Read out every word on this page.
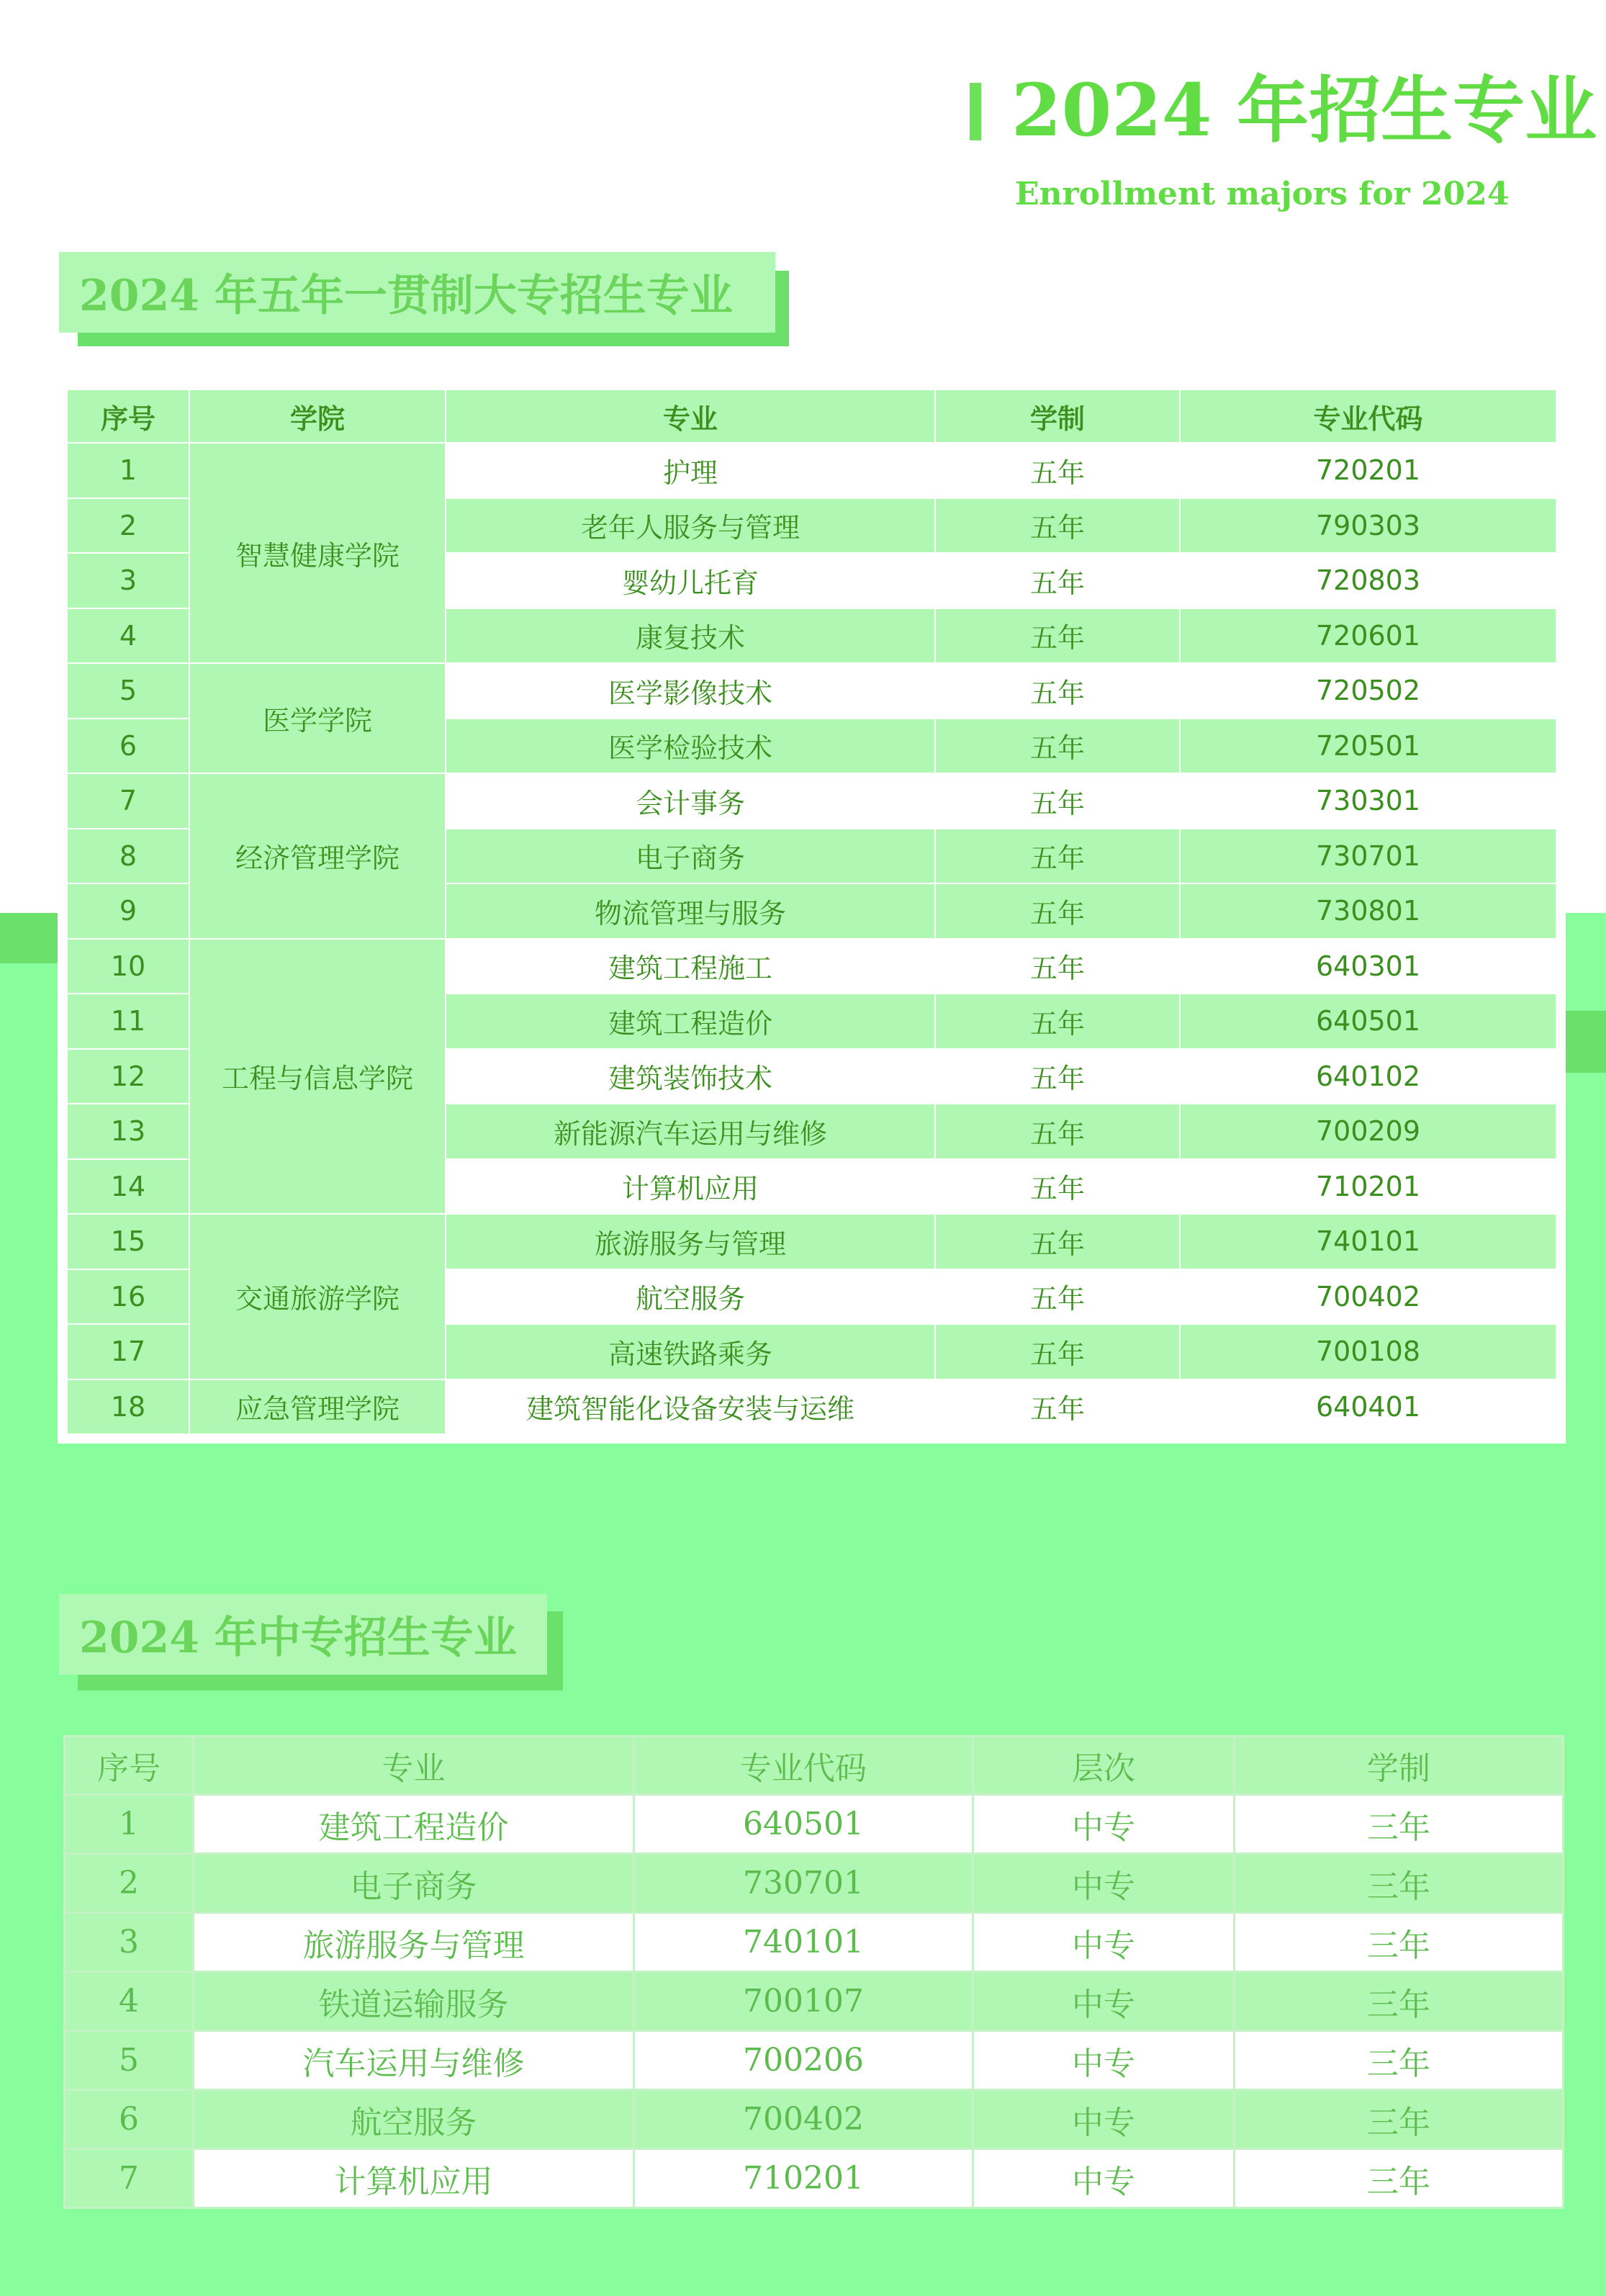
2024 年招生专业
Enrollment majors for 2024
2024 年五年一贯制大专招生专业
序号	学院	专业	学制	专业代码
1	智慧健康学院	护理	五年	720201
2		老年人服务与管理	五年	790303
3		婴幼儿托育	五年	720803
4		康复技术	五年	720601
5	医学学院	医学影像技术	五年	720502
6		医学检验技术	五年	720501
7	经济管理学院	会计事务	五年	730301
8		电子商务	五年	730701
9		物流管理与服务	五年	730801
10	工程与信息学院	建筑工程施工	五年	640301
11		建筑工程造价	五年	640501
12		建筑装饰技术	五年	640102
13		新能源汽车运用与维修	五年	700209
14		计算机应用	五年	710201
15	交通旅游学院	旅游服务与管理	五年	740101
16		航空服务	五年	700402
17		高速铁路乘务	五年	700108
18	应急管理学院	建筑智能化设备安装与运维	五年	640401
2024 年中专招生专业
序号	专业	专业代码	层次	学制
1	建筑工程造价	640501	中专	三年
2	电子商务	730701	中专	三年
3	旅游服务与管理	740101	中专	三年
4	铁道运输服务	700107	中专	三年
5	汽车运用与维修	700206	中专	三年
6	航空服务	700402	中专	三年
7	计算机应用	710201	中专	三年
